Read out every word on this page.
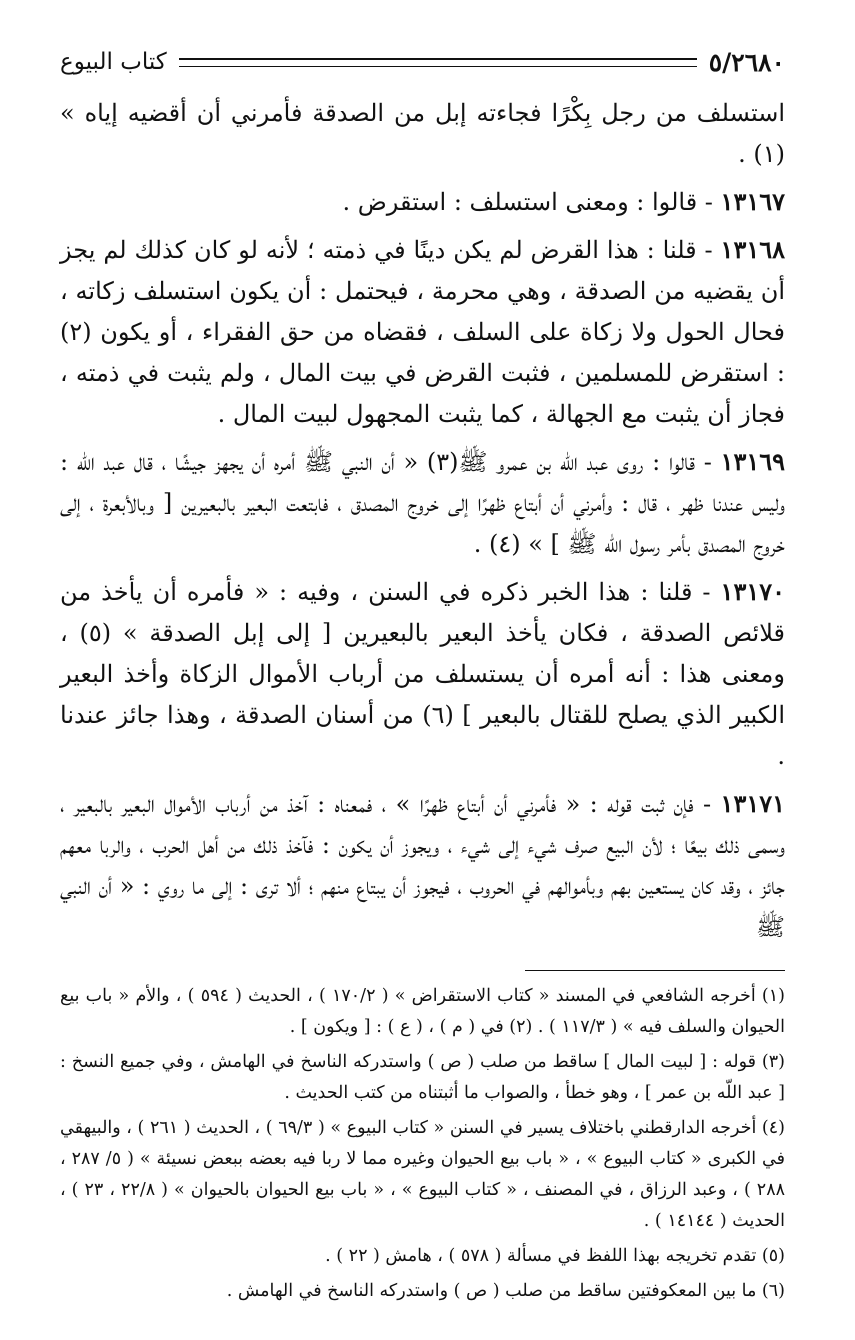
٥/٢٦٨٠
كتاب البيوع

استسلف من رجل بِكْرًا فجاءته إبل من الصدقة فأمرني أن أقضيه إياه » (١) .

١٣١٦٧ - قالوا : ومعنى استسلف : استقرض .

١٣١٦٨ - قلنا : هذا القرض لم يكن دينًا في ذمته ؛ لأنه لو كان كذلك لم يجز أن يقضيه من الصدقة ، وهي محرمة ، فيحتمل : أن يكون استسلف زكاته ، فحال الحول ولا زكاة على السلف ، فقضاه من حق الفقراء ، أو يكون (٢) : استقرض للمسلمين ، فثبت القرض في بيت المال ، ولم يثبت في ذمته ، فجاز أن يثبت مع الجهالة ، كما يثبت المجهول لبيت المال .

١٣١٦٩ - قالوا : روى عبد اللّه بن عمرو ﷺ(٣) « أن النبي ﷺ أمره أن يجهز جيشًا ، قال عبد اللّه : وليس عندنا ظهر ، قال : وأمرني أن أبتاع ظهرًا إلى خروج المصدق ، فابتعت البعير بالبعيرين [ وبالأبعرة ، إلى خروج المصدق بأمر رسول اللّه ﷺ ] » (٤) .

١٣١٧٠ - قلنا : هذا الخبر ذكره في السنن ، وفيه : « فأمره أن يأخذ من قلائص الصدقة ، فكان يأخذ البعير بالبعيرين [ إلى إبل الصدقة » (٥) ، ومعنى هذا : أنه أمره أن يستسلف من أرباب الأموال الزكاة وأخذ البعير الكبير الذي يصلح للقتال بالبعير ] (٦) من أسنان الصدقة ، وهذا جائز عندنا .

١٣١٧١ - فإن ثبت قوله : « فأمرني أن أبتاع ظهرًا » ، فمعناه : آخذ من أرباب الأموال البعير بالبعير ، وسمى ذلك بيعًا ؛ لأن البيع صرف شيء إلى شيء ، ويجوز أن يكون : فآخذ ذلك من أهل الحرب ، والربا معهم جائز ، وقد كان يستعين بهم وبأموالهم في الحروب ، فيجوز أن يبتاع منهم ؛ ألا ترى : إلى ما روي : « أن النبي ﷺ

(١) أخرجه الشافعي في المسند « كتاب الاستقراض » ( ١٧٠/٢ ) ، الحديث ( ٥٩٤ ) ، والأم « باب بيع الحيوان والسلف فيه » ( ١١٧/٣ ) . (٢) في ( م ) ، ( ع ) : [ ويكون ] .

(٣) قوله : [ لبيت المال ] ساقط من صلب ( ص ) واستدركه الناسخ في الهامش ، وفي جميع النسخ : [ عبد اللّه بن عمر ] ، وهو خطأ ، والصواب ما أثبتناه من كتب الحديث .

(٤) أخرجه الدارقطني باختلاف يسير في السنن « كتاب البيوع » ( ٦٩/٣ ) ، الحديث ( ٢٦١ ) ، والبيهقي في الكبرى « كتاب البيوع » ، « باب بيع الحيوان وغيره مما لا ربا فيه بعضه ببعض نسيئة » ( ٥/ ٢٨٧ ، ٢٨٨ ) ، وعبد الرزاق ، في المصنف ، « كتاب البيوع » ، « باب بيع الحيوان بالحيوان » ( ٢٢/٨ ، ٢٣ ) ، الحديث ( ١٤١٤٤ ) .

(٥) تقدم تخريجه بهذا اللفظ في مسألة ( ٥٧٨ ) ، هامش ( ٢٢ ) .

(٦) ما بين المعكوفتين ساقط من صلب ( ص ) واستدركه الناسخ في الهامش .
